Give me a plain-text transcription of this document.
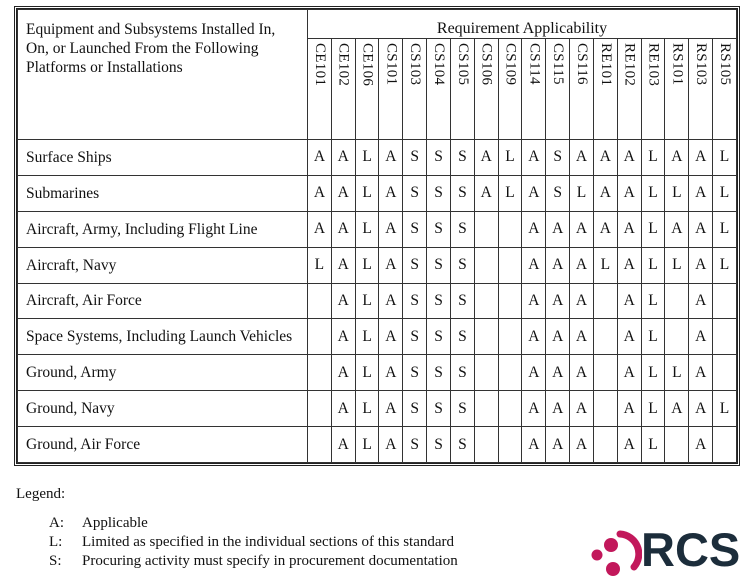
Equipment and Subsystems Installed In, On, or Launched From the Following Platforms or Installations	Requirement Applicability																	
	CE101	CE102	CE106	CS101	CS103	CS104	CS105	CS106	CS109	CS114	CS115	CS116	RE101	RE102	RE103	RS101	RS103	RS105
Surface Ships	A	A	L	A	S	S	S	A	L	A	S	A	A	A	L	A	A	L
Submarines	A	A	L	A	S	S	S	A	L	A	S	L	A	A	L	L	A	L
Aircraft, Army, Including Flight Line	A	A	L	A	S	S	S			A	A	A	A	A	L	A	A	L
Aircraft, Navy	L	A	L	A	S	S	S			A	A	A	L	A	L	L	A	L
Aircraft, Air Force		A	L	A	S	S	S			A	A	A		A	L		A	
Space Systems, Including Launch Vehicles		A	L	A	S	S	S			A	A	A		A	L		A	
Ground, Army		A	L	A	S	S	S			A	A	A		A	L	L	A	
Ground, Navy		A	L	A	S	S	S			A	A	A		A	L	A	A	L
Ground, Air Force		A	L	A	S	S	S			A	A	A		A	L		A	
Legend:
A: Applicable
L: Limited as specified in the individual sections of this standard
S: Procuring activity must specify in procurement documentation	RCS
